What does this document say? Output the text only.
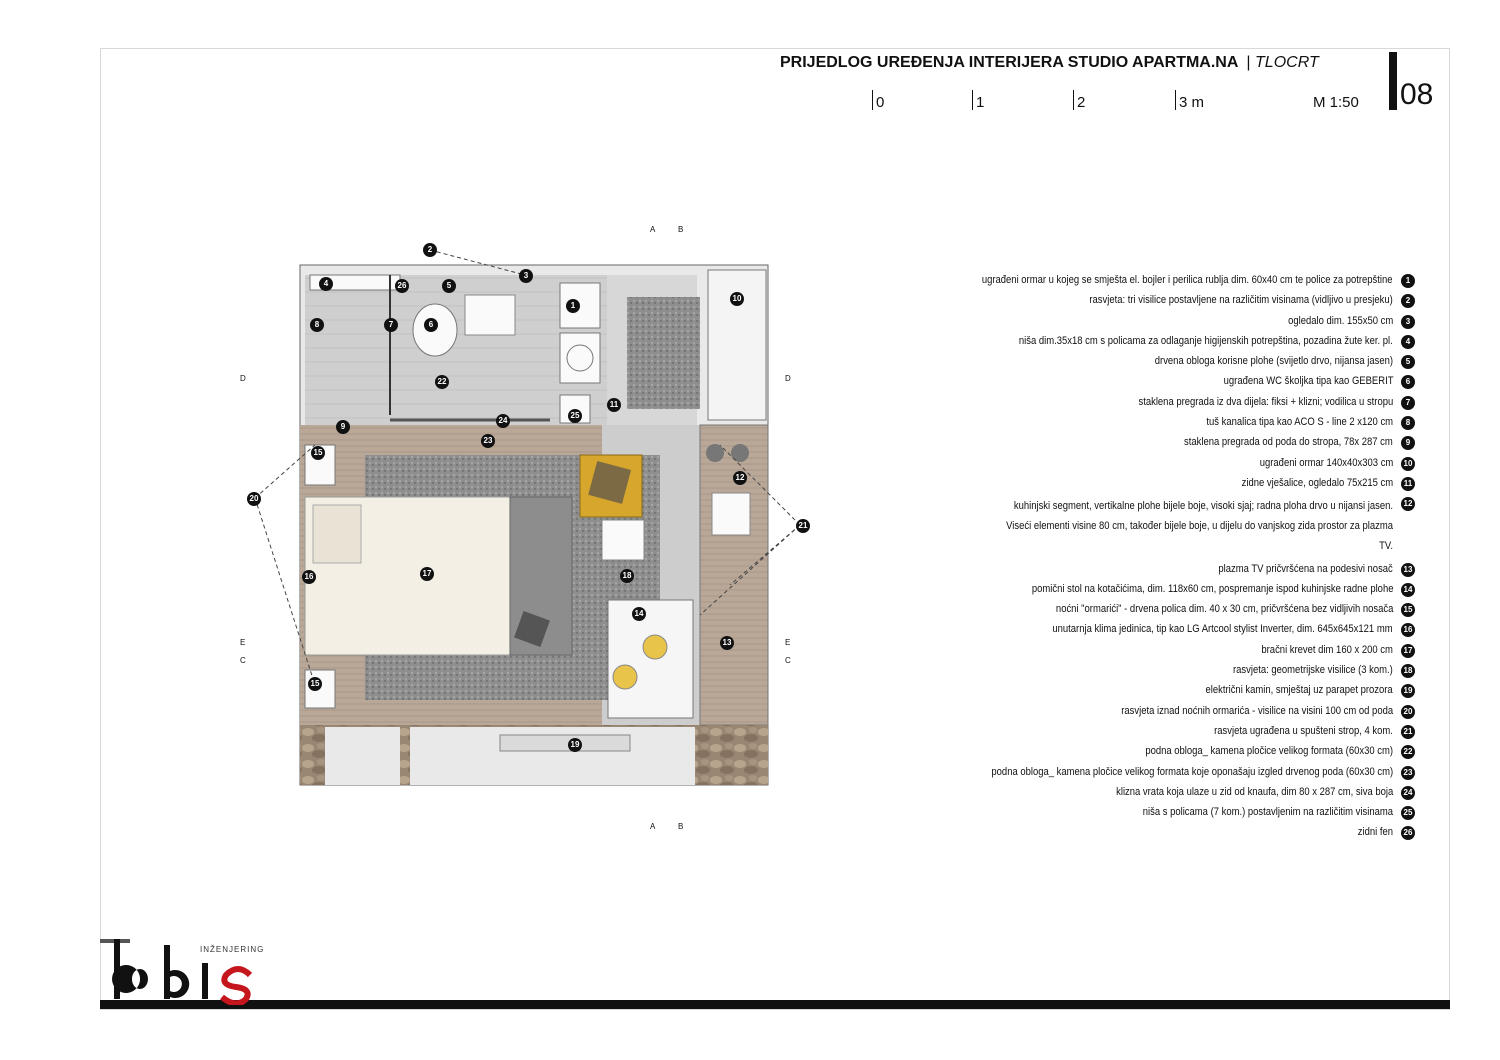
PRIJEDLOG UREĐENJA INTERIJERA STUDIO APARTMA.NA | TLOCRT
08
0	1	2	3 m	M 1:50
2
3
4	26	5
1
10
8	7	6
22
11
24
25
9
23
15
12
20
21
17	18
16
14
13
15
19
A	B
A	B
D	D
E	E
C	C
ugrađeni ormar u kojeg se smješta el. bojler i perilica rublja dim. 60x40 cm te police za potrepštine	1
rasvjeta: tri visilice postavljene na različitim visinama (vidljivo u presjeku)	2
ogledalo dim. 155x50 cm	3
niša dim.35x18 cm s policama za odlaganje higijenskih potrepština, pozadina žute ker. pl.	4
drvena obloga korisne plohe (svijetlo drvo, nijansa jasen)	5
ugrađena WC školjka tipa kao GEBERIT	6
staklena pregrada iz dva dijela: fiksi + klizni; vodilica u stropu	7
tuš kanalica tipa kao ACO S - line 2 x120 cm	8
staklena pregrada od poda do stropa, 78x 287 cm	9
ugrađeni ormar 140x40x303 cm	10
zidne vješalice, ogledalo 75x215 cm	11
kuhinjski segment, vertikalne plohe bijele boje, visoki sjaj; radna ploha drvo u nijansi jasen. Viseći elementi visine 80 cm, također bijele boje, u dijelu do vanjskog zida prostor za plazma TV.
12
plazma TV pričvršćena na podesivi nosač	13
pomični stol na kotačićima, dim. 118x60 cm, pospremanje ispod kuhinjske radne plohe	14
noćni "ormarići" - drvena polica dim. 40 x 30 cm, pričvršćena bez vidljivih nosača	15
unutarnja klima jedinica, tip kao LG Artcool stylist Inverter, dim. 645x645x121 mm	16
bračni krevet dim 160 x 200 cm	17
rasvjeta: geometrijske visilice (3 kom.)	18
električni kamin, smještaj uz parapet prozora	19
rasvjeta iznad noćnih ormarića - visilice na visini 100 cm od poda	20
rasvjeta ugrađena u spušteni strop, 4 kom.	21
podna obloga_ kamena pločice velikog formata (60x30 cm)	22
podna obloga_ kamena pločice velikog formata koje oponašaju izgled drvenog poda (60x30 cm)	23
klizna vrata koja ulaze u zid od knaufa, dim 80 x 287 cm, siva boja	24
niša s policama (7 kom.) postavljenim na različitim visinama	25
zidni fen	26
INŽENJERING
